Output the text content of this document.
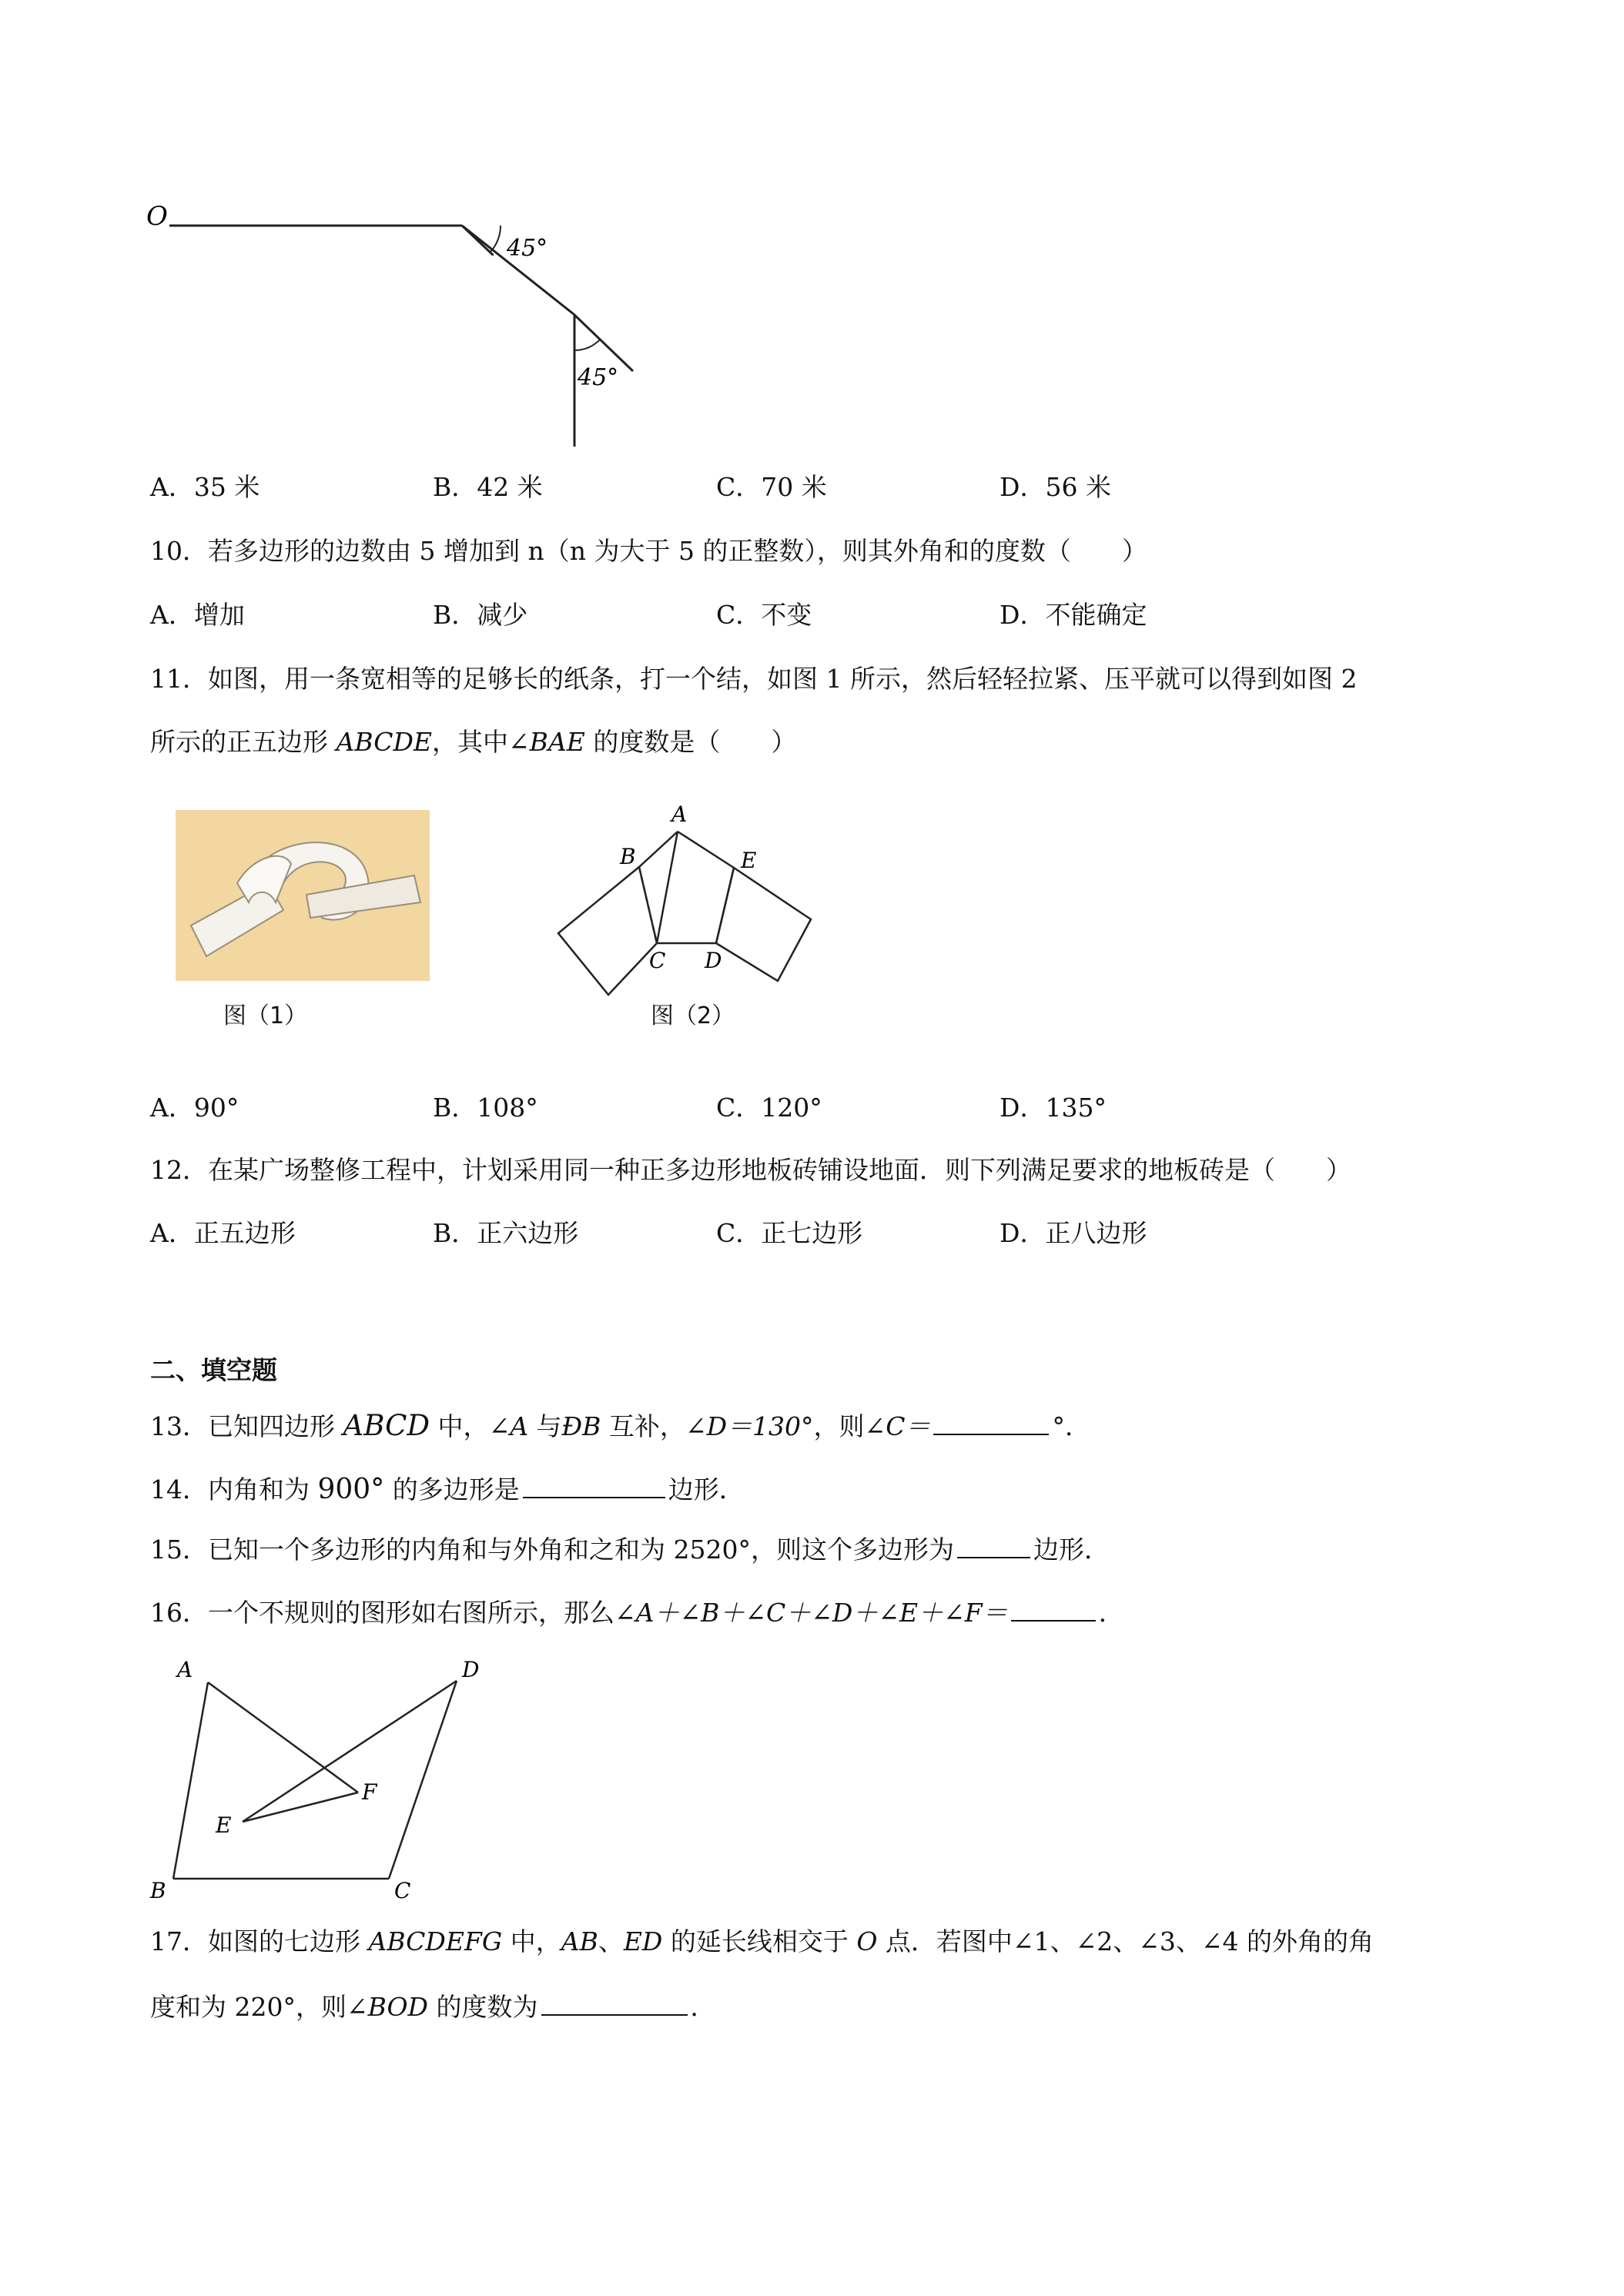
O
45°
45°
A．35 米	B．42 米	C．70 米	D．56 米
10．若多边形的边数由 5 增加到 n（n 为大于 5 的正整数），则其外角和的度数（　　）
A．增加	B．减少	C．不变	D．不能确定
11．如图，用一条宽相等的足够长的纸条，打一个结，如图 1 所示，然后轻轻拉紧、压平就可以得到如图 2
所示的正五边形 ABCDE，其中∠BAE 的度数是（　　）
图（1）
A
B	E
C D
图（2）
A．90°	B．108°	C．120°	D．135°
12．在某广场整修工程中，计划采用同一种正多边形地板砖铺设地面．则下列满足要求的地板砖是（　　）
A．正五边形	B．正六边形	C．正七边形	D．正八边形
二、填空题
13．已知四边形 ABCD 中，∠A 与ÐB 互补，∠D＝130°，则∠C＝	°．
14．内角和为 900° 的多边形是	边形．
15．已知一个多边形的内角和与外角和之和为 2520°，则这个多边形为	边形．
16．一个不规则的图形如右图所示，那么∠A＋∠B＋∠C＋∠D＋∠E＋∠F＝	．
A	D
F
E
B	C
17．如图的七边形 ABCDEFG 中，AB、ED 的延长线相交于 O 点．若图中∠1、∠2、∠3、∠4 的外角的角
度和为 220°，则∠BOD 的度数为	．
